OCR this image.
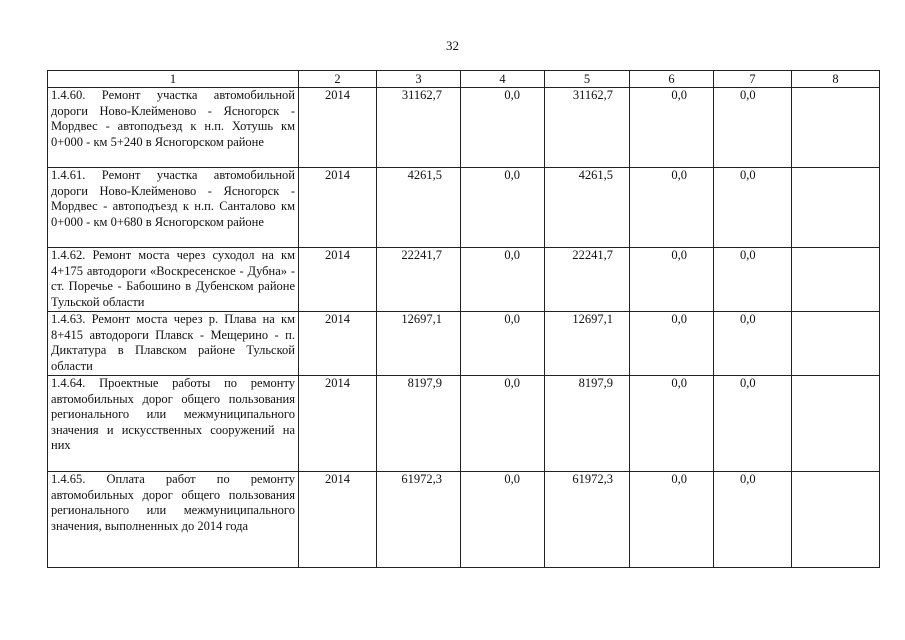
32
1	2	3	4	5	6	7	8
1.4.60. Ремонт участка автомобильной дороги Ново-Клейменово - Ясногорск - Мордвес - автоподъезд к н.п. Хотушь км 0+000 - км 5+240 в Ясногорском районе	2014	31162,7	0,0	31162,7	0,0	0,0	
1.4.61. Ремонт участка автомобильной дороги Ново-Клейменово - Ясногорск - Мордвес - автоподъезд к н.п. Санталово км 0+000 - км 0+680 в Ясногорском районе	2014	4261,5	0,0	4261,5	0,0	0,0	
1.4.62. Ремонт моста через суходол на км 4+175 автодороги «Воскресенское - Дубна» - ст. Поречье - Бабошино в Дубенском районе Тульской области	2014	22241,7	0,0	22241,7	0,0	0,0	
1.4.63. Ремонт моста через р. Плава на км 8+415 автодороги Плавск - Мещерино - п. Диктатура в Плавском районе Тульской области	2014	12697,1	0,0	12697,1	0,0	0,0	
1.4.64. Проектные работы по ремонту автомобильных дорог общего пользования регионального или межмуниципального значения и искусственных сооружений на них	2014	8197,9	0,0	8197,9	0,0	0,0	
1.4.65. Оплата работ по ремонту автомобильных дорог общего пользования регионального или межмуниципального значения, выполненных до 2014 года	2014	61972,3	0,0	61972,3	0,0	0,0	
